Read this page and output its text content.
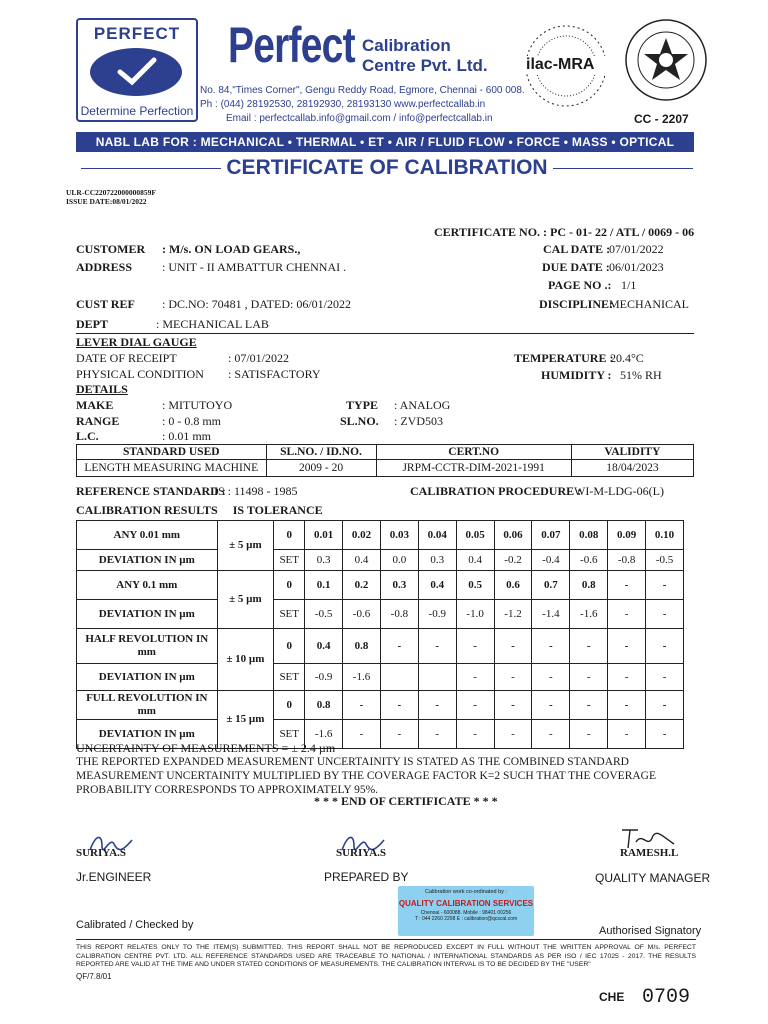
PERFECT
Determine Perfection
Perfect Calibration
Centre Pvt. Ltd.
No. 84,"Times Corner", Gengu Reddy Road, Egmore, Chennai - 600 008.
Ph : (044) 28192530, 28192930, 28193130 www.perfectcallab.in
Email : perfectcallab.info@gmail.com / info@perfectcallab.in
ilac-MRA
CC - 2207
NABL LAB FOR : MECHANICAL • THERMAL • ET • AIR / FLUID FLOW • FORCE • MASS • OPTICAL
CERTIFICATE OF CALIBRATION
ULR-CC220722000000859F
ISSUE DATE:08/01/2022
CERTIFICATE NO. : PC - 01- 22 / ATL / 0069 - 06
CUSTOMER : M/s. ON LOAD GEARS.,	CAL DATE :
07/01/2022
ADDRESS : UNIT - II AMBATTUR CHENNAI .	DUE DATE : 06/01/2023
PAGE NO .: 1/1
CUST REF : DC.NO: 70481 , DATED: 06/01/2022	DISCIPLINE:
MECHANICAL
DEPT	: MECHANICAL LAB
LEVER DIAL GAUGE
DATE OF RECEIPT	: 07/01/2022	TEMPERATURE :
20.4°C
PHYSICAL CONDITION : SATISFACTORY	HUMIDITY : 51% RH
DETAILS
MAKE	: MITUTOYO	TYPE : ANALOG
RANGE	: 0 - 0.8 mm	SL.NO. : ZVD503
L.C.	: 0.01 mm
STANDARD USED	SL.NO. / ID.NO.	CERT.NO	VALIDITY
LENGTH MEASURING MACHINE	2009 - 20	JRPM-CCTR-DIM-2021-1991	18/04/2023
REFERENCE STANDARD :
IS : 11498 - 1985	CALIBRATION PROCEDURE :
WI-M-LDG-06(L)
CALIBRATION RESULTS     IS TOLERANCE
ANY 0.01 mm	± 5 µm	0	0.01	0.02	0.03	0.04	0.05	0.06	0.07	0.08	0.09	0.10
DEVIATION IN µm		SET	0.3	0.4	0.0	0.3	0.4	-0.2	-0.4	-0.6	-0.8	-0.5
ANY 0.1 mm	± 5 µm	0	0.1	0.2	0.3	0.4	0.5	0.6	0.7	0.8	-	-
DEVIATION IN µm		SET	-0.5	-0.6	-0.8	-0.9	-1.0	-1.2	-1.4	-1.6	-	-
HALF REVOLUTION IN mm	± 10 µm	0	0.4	0.8	-	-	-	-	-	-	-	-
DEVIATION IN µm		SET	-0.9	-1.6			-	-	-	-	-	-
FULL REVOLUTION IN mm	± 15 µm	0	0.8	-	-	-	-	-	-	-	-	-
DEVIATION IN µm		SET	-1.6	-	-	-	-	-	-	-	-	-
UNCERTAINTY OF MEASUREMENTS = ± 2.4 µm
THE REPORTED EXPANDED MEASUREMENT UNCERTAINITY IS STATED AS THE COMBINED STANDARD MEASUREMENT UNCERTAINITY MULTIPLIED BY THE COVERAGE FACTOR K=2 SUCH THAT THE COVERAGE PROBABILITY CORRESPONDS TO APPROXIMATELY 95%.
* * * END OF CERTIFICATE * * *
SURIYA.S
Jr.ENGINEER
SURIYA.S
PREPARED BY
RAMESH.L
QUALITY MANAGER
Calibration work co-ordinated by :
QUALITY CALIBRATION SERVICES
Chennai - 600088. Mobile : 98401 00256
T : 044 2260 2298 E : calibration@qcscal.com
Calibrated / Checked by	Authorised Signatory
THIS REPORT RELATES ONLY TO THE ITEM(S) SUBMITTED. THIS REPORT SHALL NOT BE REPRODUCED EXCEPT IN FULL WITHOUT THE WRITTEN APPROVAL OF M/s. PERFECT CALIBRATION CENTRE PVT. LTD. ALL REFERENCE STANDARDS USED ARE TRACEABLE TO NATIONAL / INTERNATIONAL STANDARDS AS PER ISO / IEC 17025 - 2017. THE RESULTS REPORTED ARE VALID AT THE TIME AND UNDER STATED CONDITIONS OF MEASUREMENTS. THE CALIBRATION INTERVAL IS TO BE DECIDED BY THE "USER"
QF/7.8/01
CHE 0709
